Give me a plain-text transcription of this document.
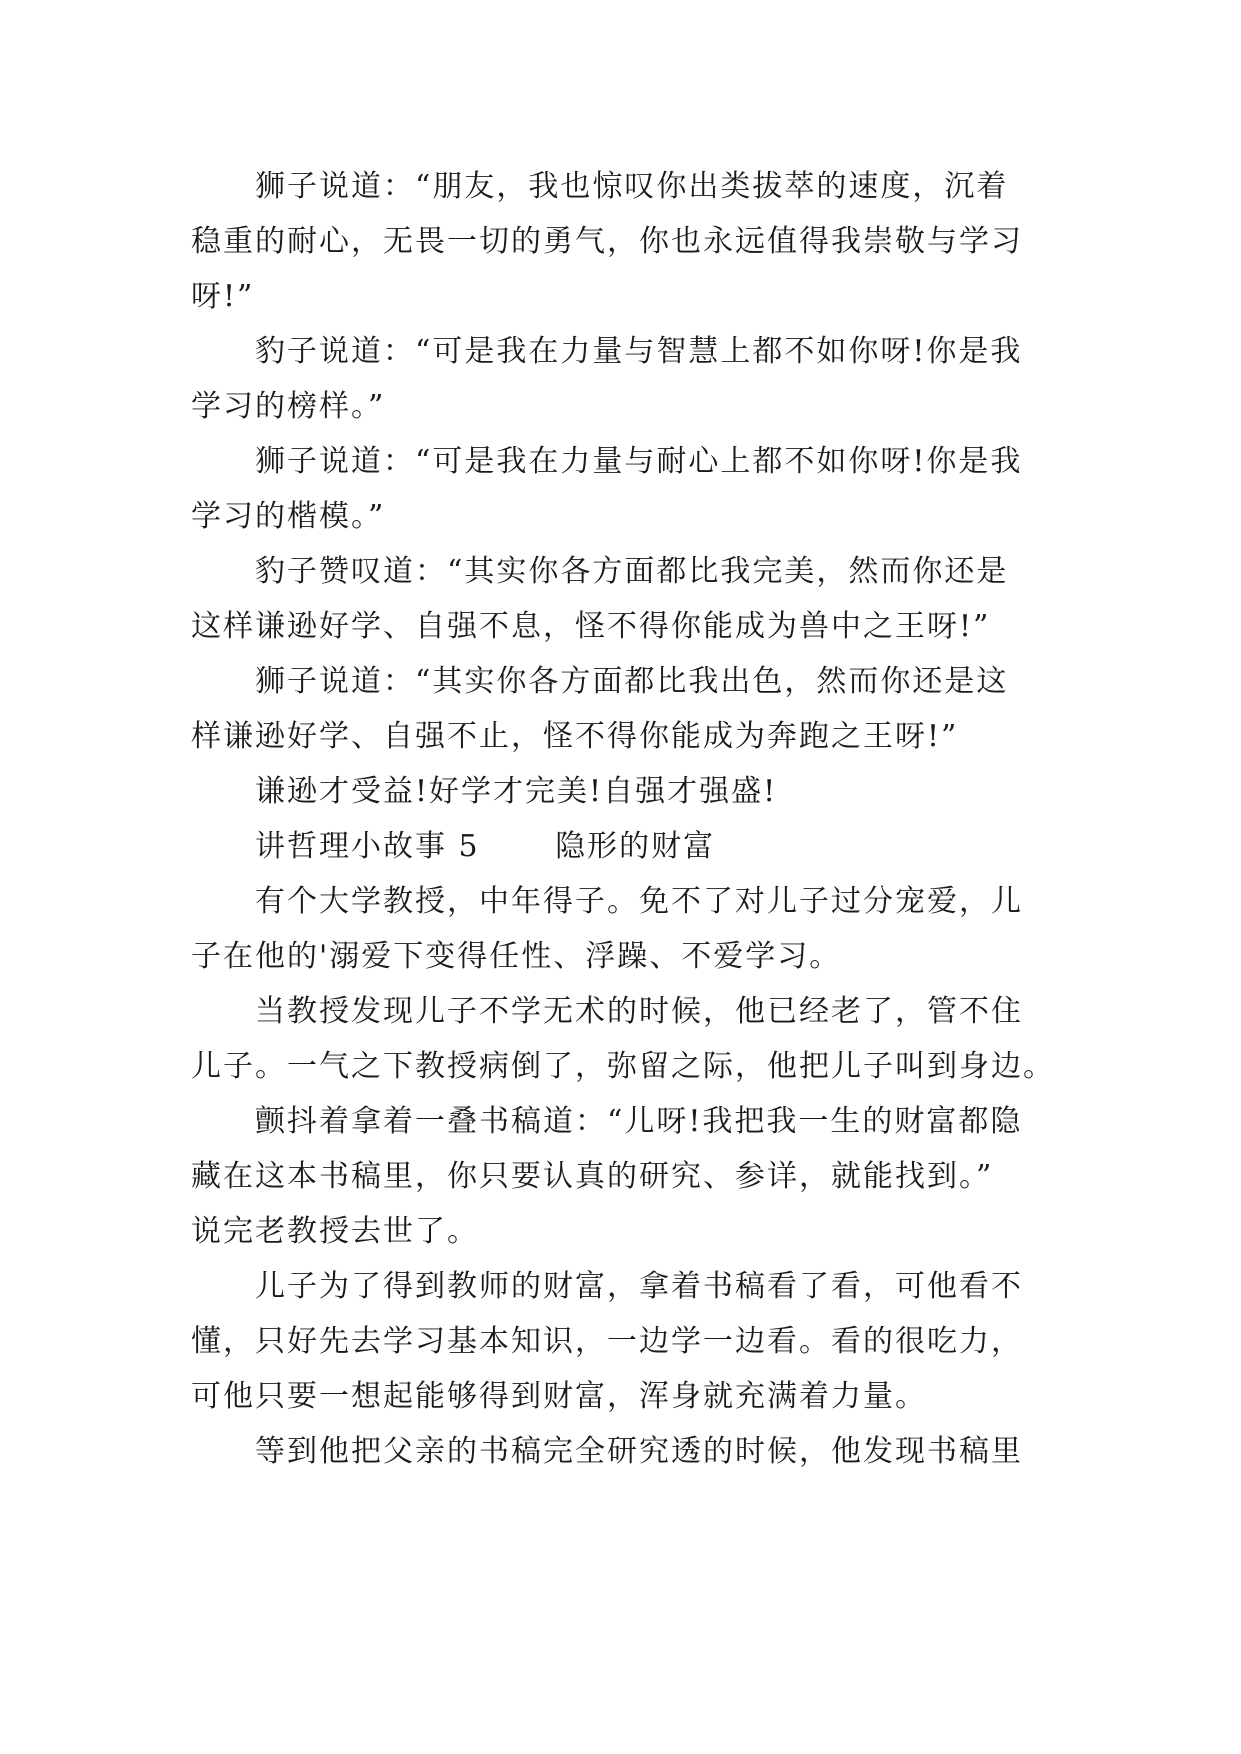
狮子说道：“朋友，我也惊叹你出类拔萃的速度，沉着
稳重的耐心，无畏一切的勇气，你也永远值得我崇敬与学习
呀!”
豹子说道：“可是我在力量与智慧上都不如你呀!你是我
学习的榜样。”
狮子说道：“可是我在力量与耐心上都不如你呀!你是我
学习的楷模。”
豹子赞叹道：“其实你各方面都比我完美，然而你还是
这样谦逊好学、自强不息，怪不得你能成为兽中之王呀!”
狮子说道：“其实你各方面都比我出色，然而你还是这
样谦逊好学、自强不止，怪不得你能成为奔跑之王呀!”
谦逊才受益!好学才完美!自强才强盛!
讲哲理小故事 5　　 隐形的财富
有个大学教授，中年得子。免不了对儿子过分宠爱，儿
子在他的'溺爱下变得任性、浮躁、不爱学习。
当教授发现儿子不学无术的时候，他已经老了，管不住
儿子。一气之下教授病倒了，弥留之际，他把儿子叫到身边。
颤抖着拿着一叠书稿道：“儿呀!我把我一生的财富都隐
藏在这本书稿里，你只要认真的研究、参详，就能找到。”
说完老教授去世了。
儿子为了得到教师的财富，拿着书稿看了看，可他看不
懂，只好先去学习基本知识，一边学一边看。看的很吃力，
可他只要一想起能够得到财富，浑身就充满着力量。
等到他把父亲的书稿完全研究透的时候，他发现书稿里
